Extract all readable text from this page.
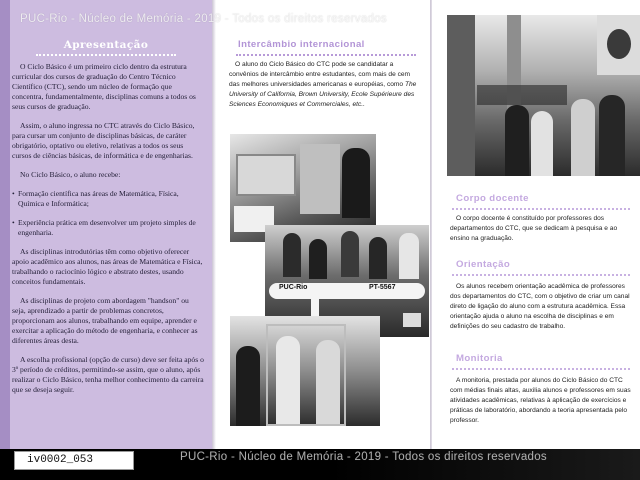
Apresentação

O Ciclo Básico é um primeiro ciclo dentro da estrutura curricular dos cursos de graduação do Centro Técnico Científico (CTC), sendo um núcleo de formação que concentra, fundamentalmente, disciplinas comuns a todos os seus cursos de graduação.

Assim, o aluno ingressa no CTC através do Ciclo Básico, para cursar um conjunto de disciplinas básicas, de caráter obrigatório, optativo ou eletivo, relativas a todos os seus cursos de ciências básicas, de informática e de engenharias.

No Ciclo Básico, o aluno recebe:

• Formação científica nas áreas de Matemática, Física, Química e Informática;

• Experiência prática em desenvolver um projeto simples de engenharia.

As disciplinas introdutórias têm como objetivo oferecer apoio acadêmico aos alunos, nas áreas de Matemática e Física, trabalhando o raciocínio lógico e abstrato destes, usando conceitos fundamentais.

As disciplinas de projeto com abordagem "handson" ou seja, aprendizado a partir de problemas concretos, proporcionam aos alunos, trabalhando em equipe, aprender e exercitar a aplicação do método de engenharia, e conhecer as diferentes áreas desta.

A escolha profissional (opção de curso) deve ser feita após o 3º período de créditos, permitindo-se assim, que o aluno, após realizar o Ciclo Básico, tenha melhor conhecimento da carreira que se deseja seguir.

Intercâmbio internacional
O aluno do Ciclo Básico do CTC pode se candidatar a convênios de intercâmbio entre estudantes, com mais de cem das melhores universidades americanas e européias, como The University of California, Brown University, Ecole Supérieure des Sciences Economiques et Commerciales, etc..
PUC-Rio	PT-5567
Corpo docente
O corpo docente é constituído por professores dos departamentos do CTC, que se dedicam à pesquisa e ao ensino na graduação.
Orientação
Os alunos recebem orientação acadêmica de professores dos departamentos do CTC, com o objetivo de criar um canal direto de ligação do aluno com a estrutura acadêmica. Essa orientação ajuda o aluno na escolha de disciplinas e em definições do seu cadastro de trabalho.
Monitoria
A monitoria, prestada por alunos do Ciclo Básico do CTC com médias finais altas, auxilia alunos e professores em suas atividades acadêmicas, relativas à aplicação de exercícios e práticas de laboratório, abordando a teoria apresentada pelo professor.
PUC-Rio - Núcleo de Memória - 2019 - Todos os direitos reservados
PUC-Rio - Núcleo de Memória - 2019 - Todos os direitos reservados
iv0002_053
